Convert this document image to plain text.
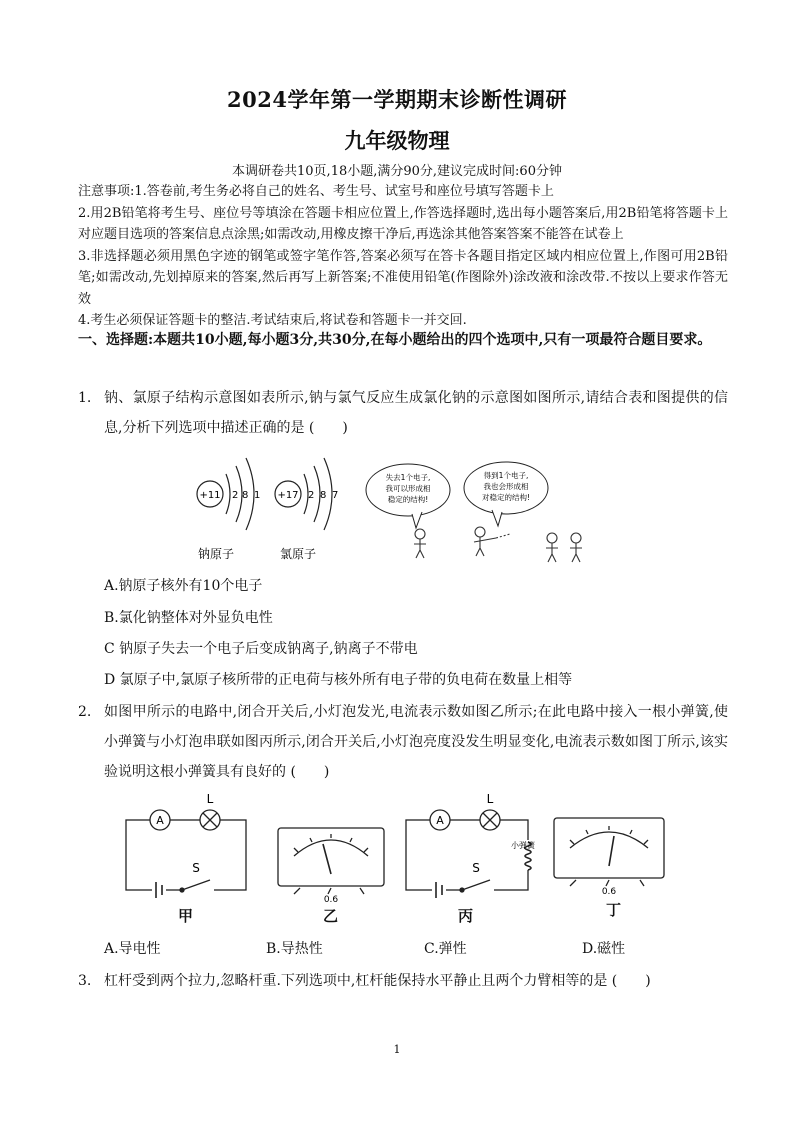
2024学年第一学期期末诊断性调研
九年级物理
本调研卷共10页,18小题,满分90分,建议完成时间:60分钟

注意事项:1.答卷前,考生务必将自己的姓名、考生号、试室号和座位号填写答题卡上

2.用2B铅笔将考生号、座位号等填涂在答题卡相应位置上,作答选择题时,选出每小题答案后,用2B铅笔将答题卡上对应题目选项的答案信息点涂黑;如需改动,用橡皮擦干净后,再选涂其他答案答案不能答在试卷上

3.非选择题必须用黑色字迹的钢笔或签字笔作答,答案必须写在答卡各题目指定区域内相应位置上,作图可用2B铅笔;如需改动,先划掉原来的答案,然后再写上新答案;不准使用铅笔(作图除外)涂改液和涂改带.不按以上要求作答无效

4.考生必须保证答题卡的整洁.考试结束后,将试卷和答题卡一并交回.

一、选择题:本题共10小题,每小题3分,共30分,在每小题给出的四个选项中,只有一项最符合题目要求。
1. 钠、氯原子结构示意图如表所示,钠与氯气反应生成氯化钠的示意图如图所示,请结合表和图提供的信息,分析下列选项中描述正确的是 (　　)
+11 2 8 1 +17 2 8 7
钠原子	氯原子
失去1个电子,
我可以形成相
稳定的结构!
得到1个电子,
我也会形成相
对稳定的结构!
A.钠原子核外有10个电子
B.氯化钠整体对外显负电性
C 钠原子失去一个电子后变成钠离子,钠离子不带电
D 氯原子中,氯原子核所带的正电荷与核外所有电子带的负电荷在数量上相等
2. 如图甲所示的电路中,闭合开关后,小灯泡发光,电流表示数如图乙所示;在此电路中接入一根小弹簧,使小弹簧与小灯泡串联如图丙所示,闭合开关后,小灯泡亮度没发生明显变化,电流表示数如图丁所示,该实验说明这根小弹簧具有良好的 (　　)
A
L
S
0.6
A
L
S
小弹簧
0.6
甲	乙	丙	丁
A.导电性	B.导热性	C.弹性	D.磁性
3. 杠杆受到两个拉力,忽略杆重.下列选项中,杠杆能保持水平静止且两个力臂相等的是 (　　)
1
